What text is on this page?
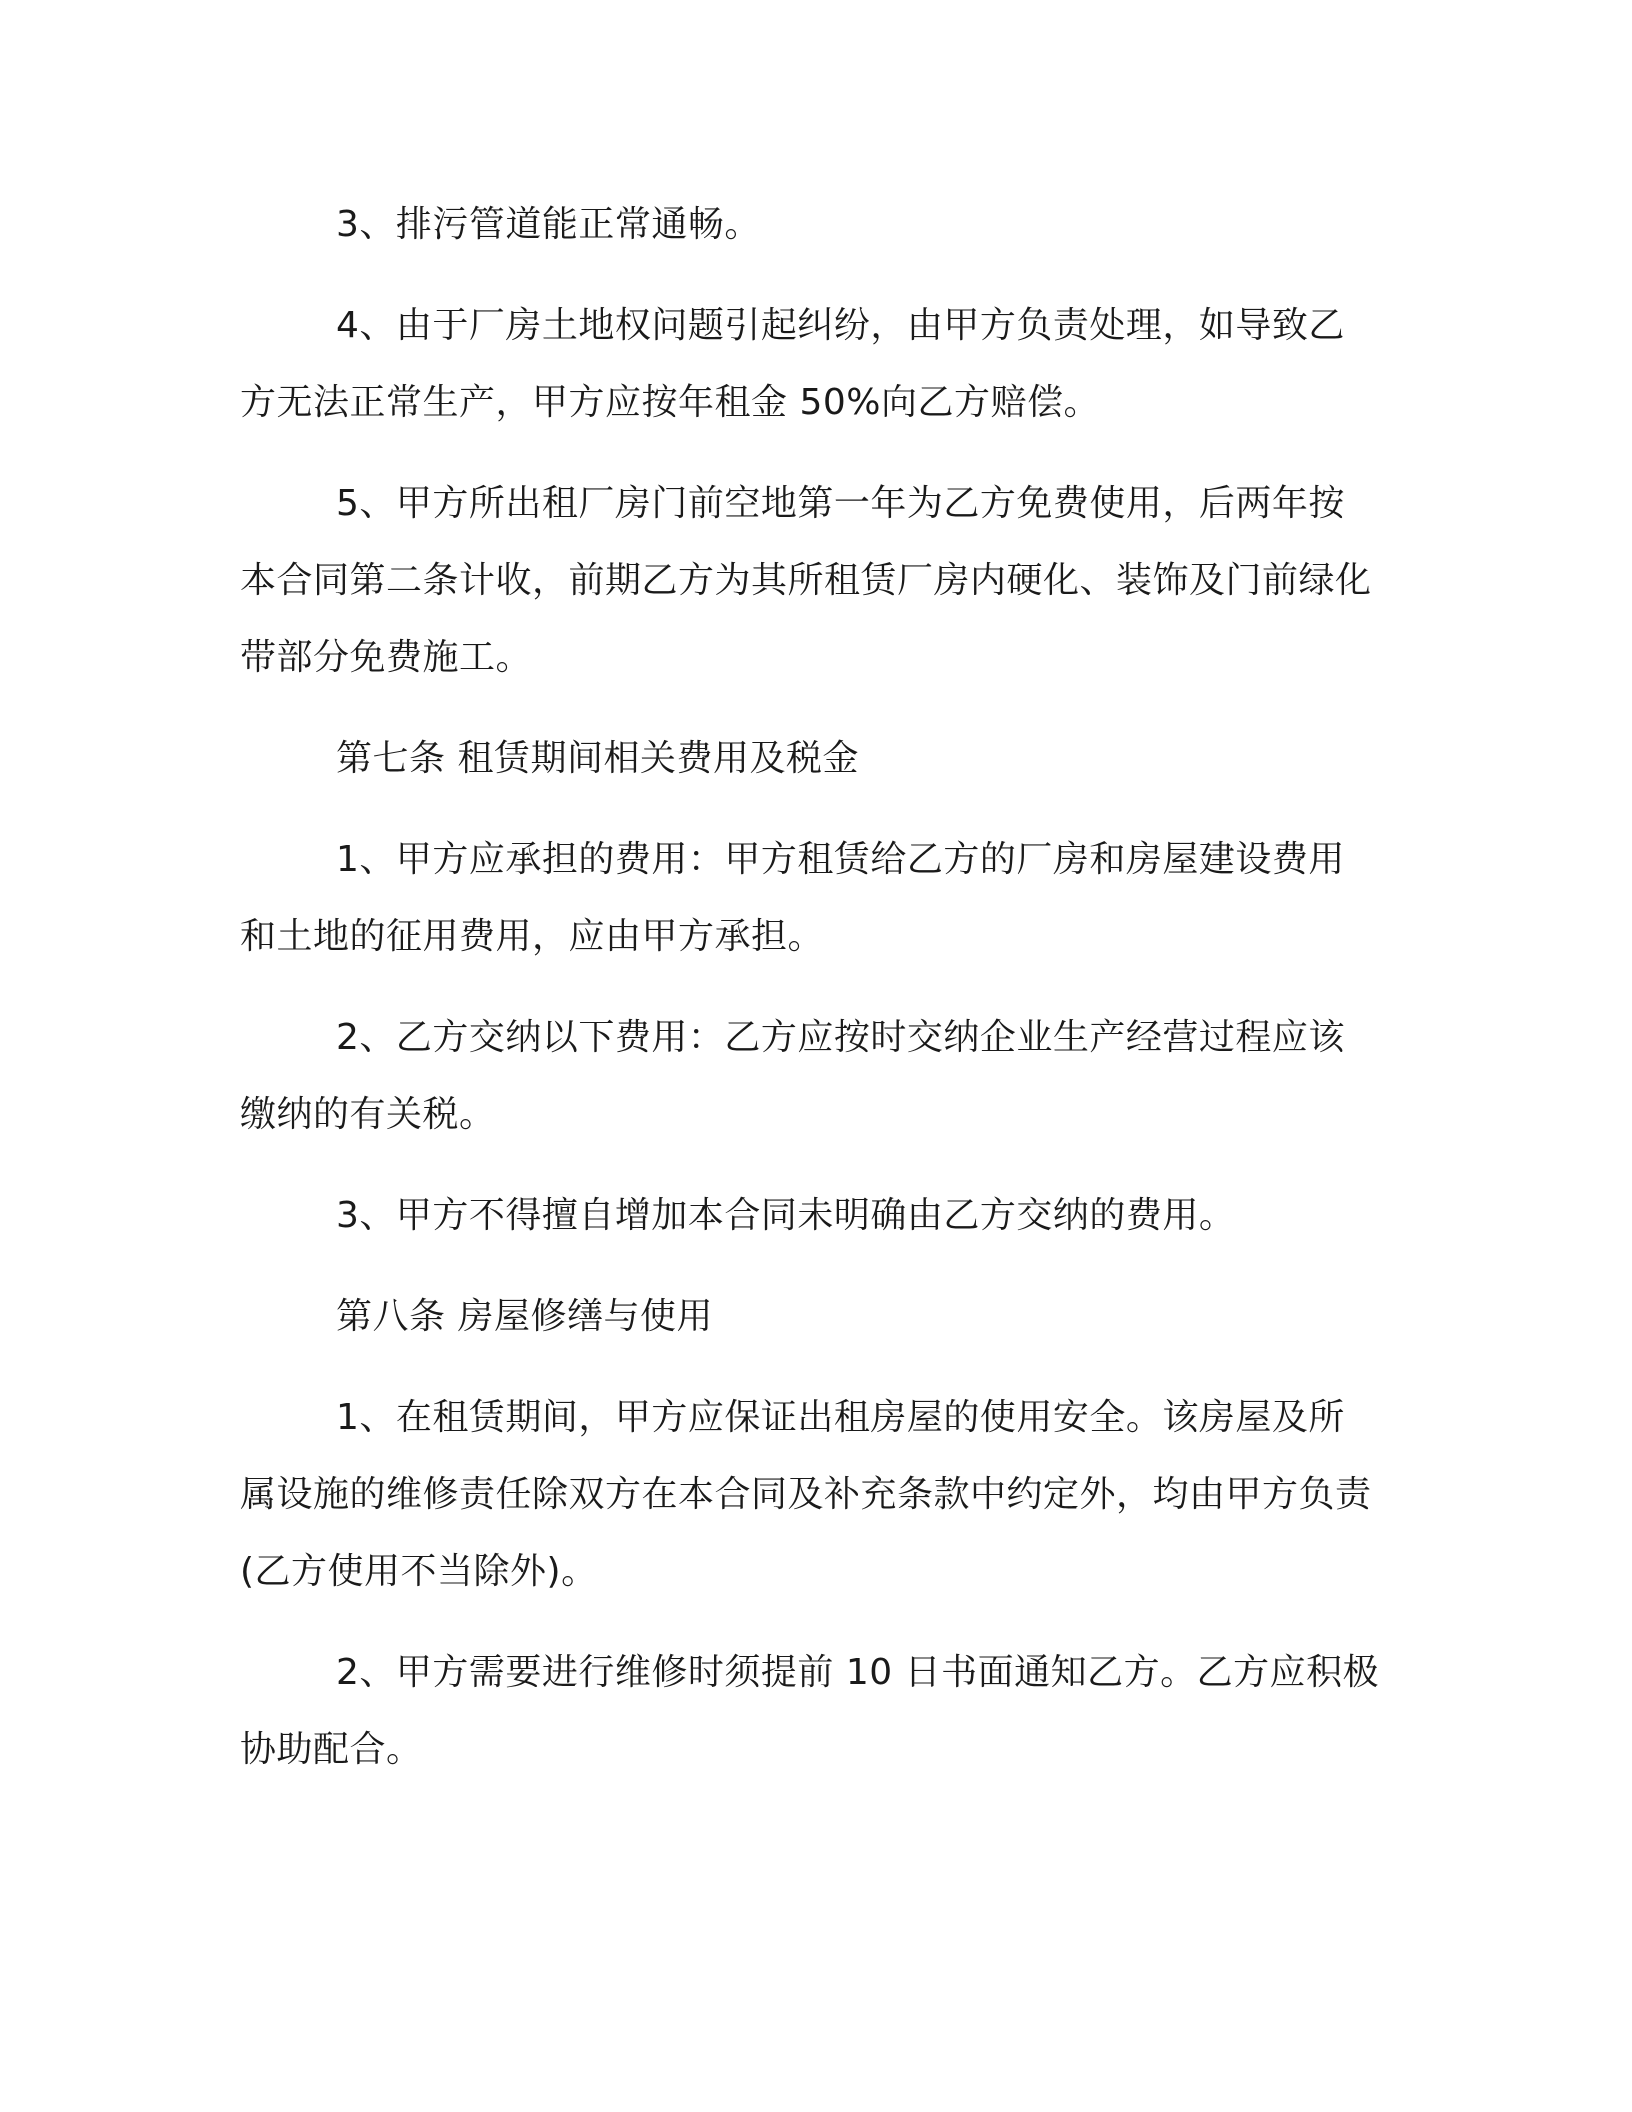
3、排污管道能正常通畅。

4、由于厂房土地权问题引起纠纷，由甲方负责处理，如导致乙方无法正常生产，甲方应按年租金 50%向乙方赔偿。

5、甲方所出租厂房门前空地第一年为乙方免费使用，后两年按本合同第二条计收，前期乙方为其所租赁厂房内硬化、装饰及门前绿化带部分免费施工。

第七条 租赁期间相关费用及税金

1、甲方应承担的费用：甲方租赁给乙方的厂房和房屋建设费用和土地的征用费用，应由甲方承担。

2、乙方交纳以下费用：乙方应按时交纳企业生产经营过程应该缴纳的有关税。

3、甲方不得擅自增加本合同未明确由乙方交纳的费用。

第八条 房屋修缮与使用

1、在租赁期间，甲方应保证出租房屋的使用安全。该房屋及所属设施的维修责任除双方在本合同及补充条款中约定外，均由甲方负责(乙方使用不当除外)。

2、甲方需要进行维修时须提前 10 日书面通知乙方。乙方应积极协助配合。
